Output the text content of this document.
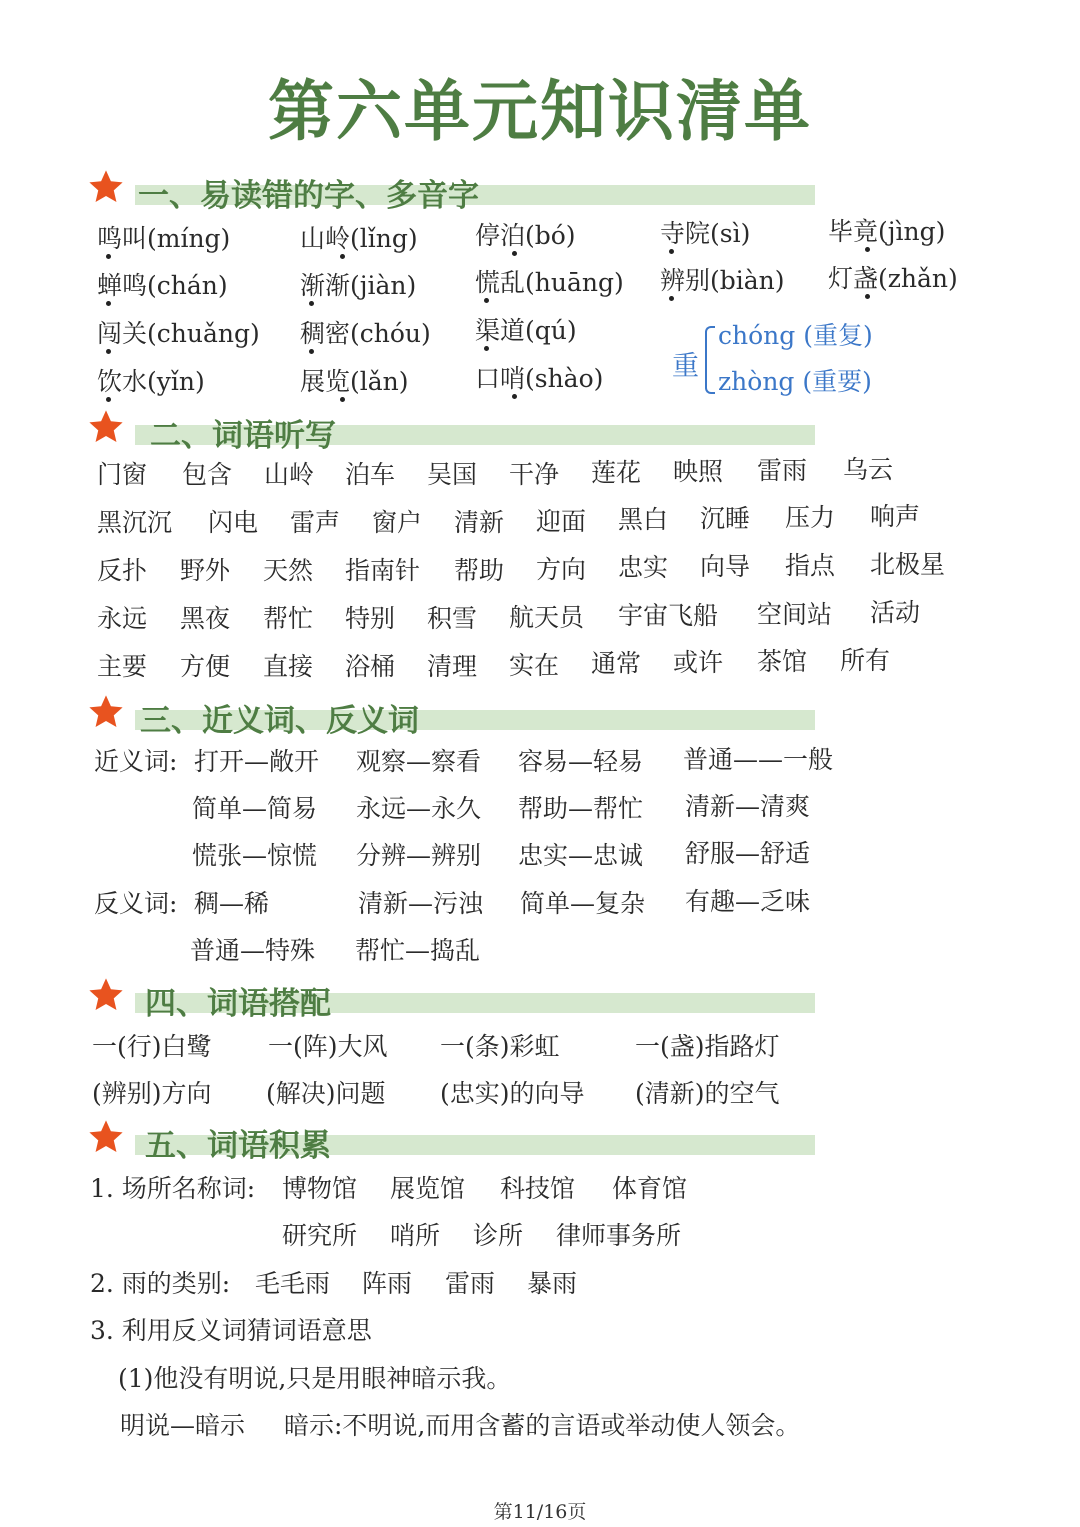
第六单元知识清单
一、易读错的字、多音字
鸣叫(míng)	山岭(lǐng) 停泊(bó)	寺院(sì)	毕竟(jìng)
蝉鸣(chán)	渐渐(jiàn) 慌乱(huāng) 辨别(biàn) 灯盏(zhǎn)
闯关(chuǎng) 稠密(chóu) 渠道(qú)
饮水(yǐn)	展览(lǎn)	口哨(shào)	重
chóng (重复)
zhòng (重要)
二、词语听写
门窗 包含 山岭 泊车 吴国 干净 莲花 映照 雷雨 乌云
黑沉沉 闪电 雷声 窗户 清新 迎面 黑白 沉睡 压力 响声
反扑 野外 天然 指南针 帮助 方向 忠实 向导 指点 北极星
永远 黑夜 帮忙 特别 积雪 航天员 宇宙飞船 空间站 活动
主要 方便 直接 浴桶 清理 实在 通常 或许 茶馆 所有
三、近义词、反义词
近义词: 打开—敞开 观察—察看 容易—轻易 普通——一般
简单—简易 永远—永久 帮助—帮忙 清新—清爽
慌张—惊慌 分辨—辨别 忠实—忠诚 舒服—舒适
反义词: 稠—稀	清新—污浊 简单—复杂 有趣—乏味
普通—特殊 帮忙—捣乱
四、词语搭配
一(行)白鹭 一(阵)大风 一(条)彩虹	一(盏)指路灯
(辨别)方向 (解决)问题 (忠实)的向导 (清新)的空气
五、词语积累
1. 场所名称词: 博物馆 展览馆 科技馆 体育馆
研究所 哨所 诊所 律师事务所
2. 雨的类别: 毛毛雨 阵雨 雷雨 暴雨
3. 利用反义词猜词语意思
(1)他没有明说,只是用眼神暗示我。
明说—暗示 暗示:不明说,而用含蓄的言语或举动使人领会。
第11/16页
